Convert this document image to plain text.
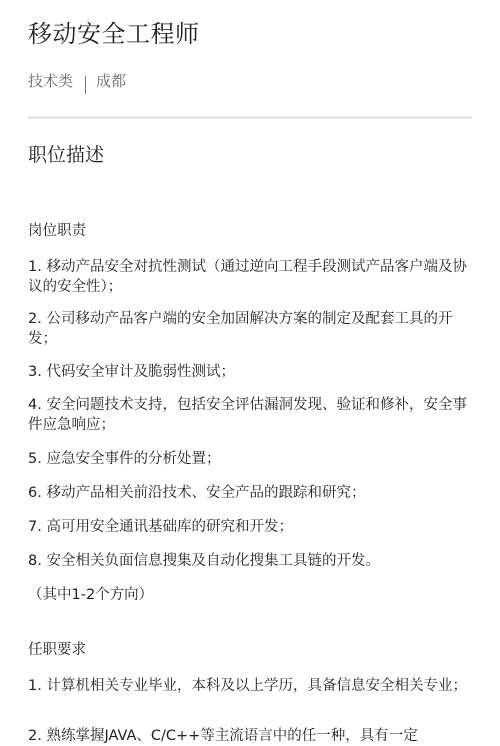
移动安全工程师
技术类 成都
职位描述
岗位职责
1. 移动产品安全对抗性测试（通过逆向工程手段测试产品客户端及协议的安全性）；
2. 公司移动产品客户端的安全加固解决方案的制定及配套工具的开发；
3. 代码安全审计及脆弱性测试；
4. 安全问题技术支持，包括安全评估漏洞发现、验证和修补，安全事件应急响应；
5. 应急安全事件的分析处置；
6. 移动产品相关前沿技术、安全产品的跟踪和研究；
7. 高可用安全通讯基础库的研究和开发；
8. 安全相关负面信息搜集及自动化搜集工具链的开发。
（其中1-2个方向）
任职要求
1. 计算机相关专业毕业，本科及以上学历，具备信息安全相关专业；
2. 熟练掌握JAVA、C/C++等主流语言中的任一种，具有一定
